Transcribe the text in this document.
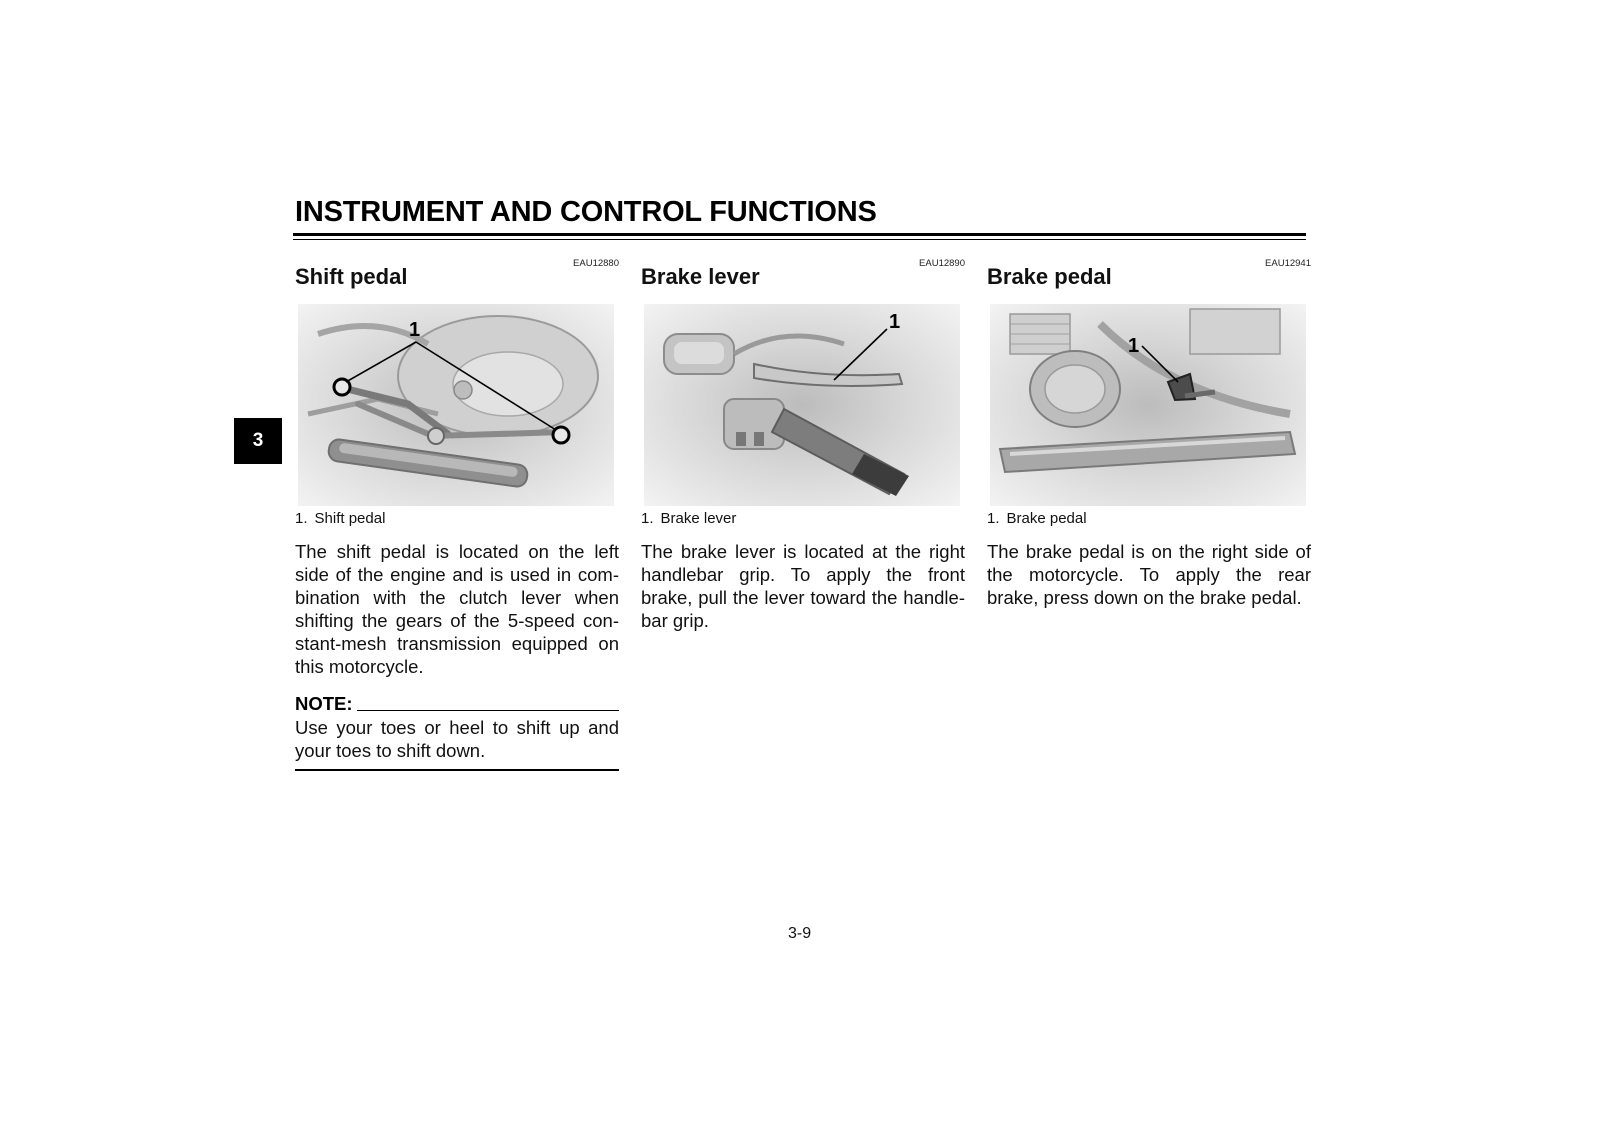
INSTRUMENT AND CONTROL FUNCTIONS
3
EAU12880
Shift pedal
1
1. Shift pedal

The shift pedal is located on the left side of the engine and is used in com-bination with the clutch lever when shifting the gears of the 5-speed con-stant-mesh transmission equipped on this motorcycle.

EAU12890
Brake lever
1
1. Brake lever

The brake lever is located at the right handlebar grip. To apply the front brake, pull the lever toward the handle-bar grip.

EAU12941
Brake pedal
1
1. Brake pedal

The brake pedal is on the right side of the motorcycle. To apply the rear brake, press down on the brake pedal.

NOTE:

Use your toes or heel to shift up and your toes to shift down.

3-9
